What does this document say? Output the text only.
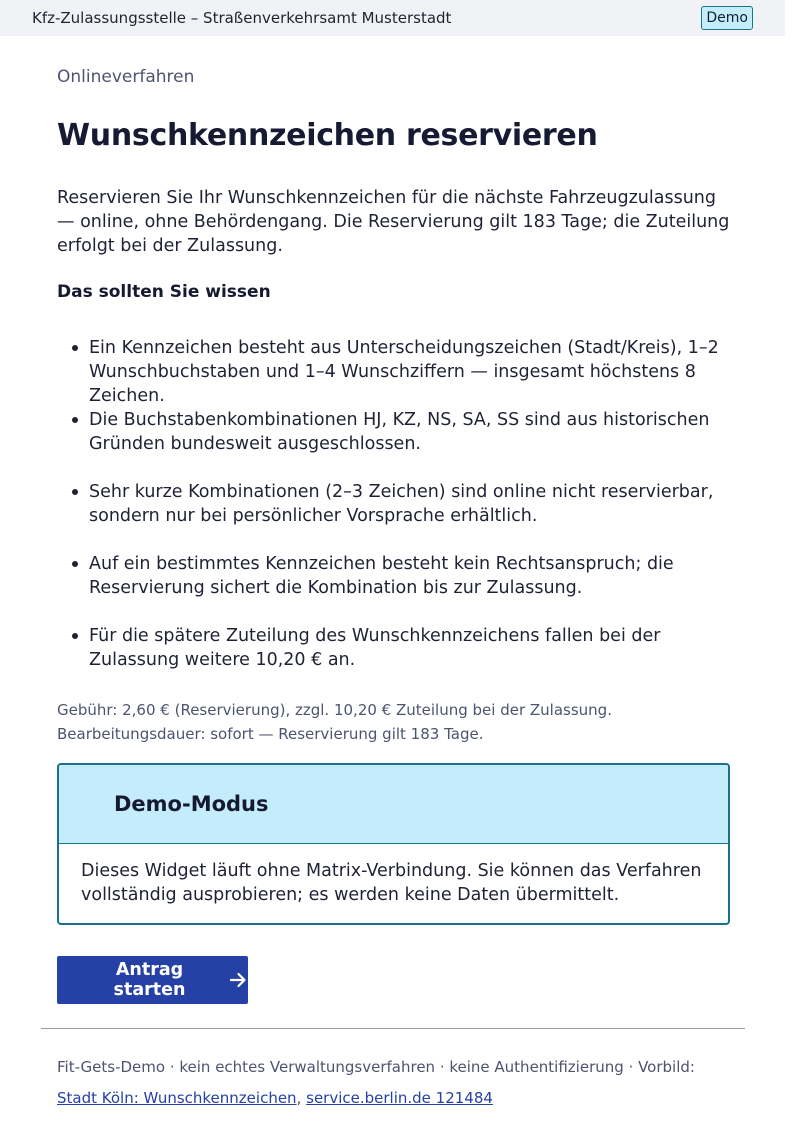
Kfz-Zulassungsstelle – Straßenverkehrsamt Musterstadt	Demo
Onlineverfahren
Wunschkennzeichen reservieren

Reservieren Sie Ihr Wunschkennzeichen für die nächste Fahrzeugzulassung — online, ohne Behördengang. Die Reservierung gilt 183 Tage; die Zuteilung erfolgt bei der Zulassung.

Das sollten Sie wissen
Ein Kennzeichen besteht aus Unterscheidungszeichen (Stadt/Kreis), 1–2 Wunschbuchstaben und 1–4 Wunschziffern — insgesamt höchstens 8 Zeichen.
Die Buchstabenkombinationen HJ, KZ, NS, SA, SS sind aus historischen Gründen bundesweit ausgeschlossen.
Sehr kurze Kombinationen (2–3 Zeichen) sind online nicht reservierbar, sondern nur bei persönlicher Vorsprache erhältlich.
Auf ein bestimmtes Kennzeichen besteht kein Rechtsanspruch; die Reservierung sichert die Kombination bis zur Zulassung.
Für die spätere Zuteilung des Wunschkennzeichens fallen bei der Zulassung weitere 10,20 € an.

Gebühr: 2,60 € (Reservierung), zzgl. 10,20 € Zuteilung bei der Zulassung. Bearbeitungsdauer: sofort — Reservierung gilt 183 Tage.

Demo-Modus
Dieses Widget läuft ohne Matrix-Verbindung. Sie können das Verfahren vollständig ausprobieren; es werden keine Daten übermittelt.
Antrag starten
Fit-Gets-Demo · kein echtes Verwaltungsverfahren · keine Authentifizierung · Vorbild:
Stadt Köln: Wunschkennzeichen, service.berlin.de 121484
